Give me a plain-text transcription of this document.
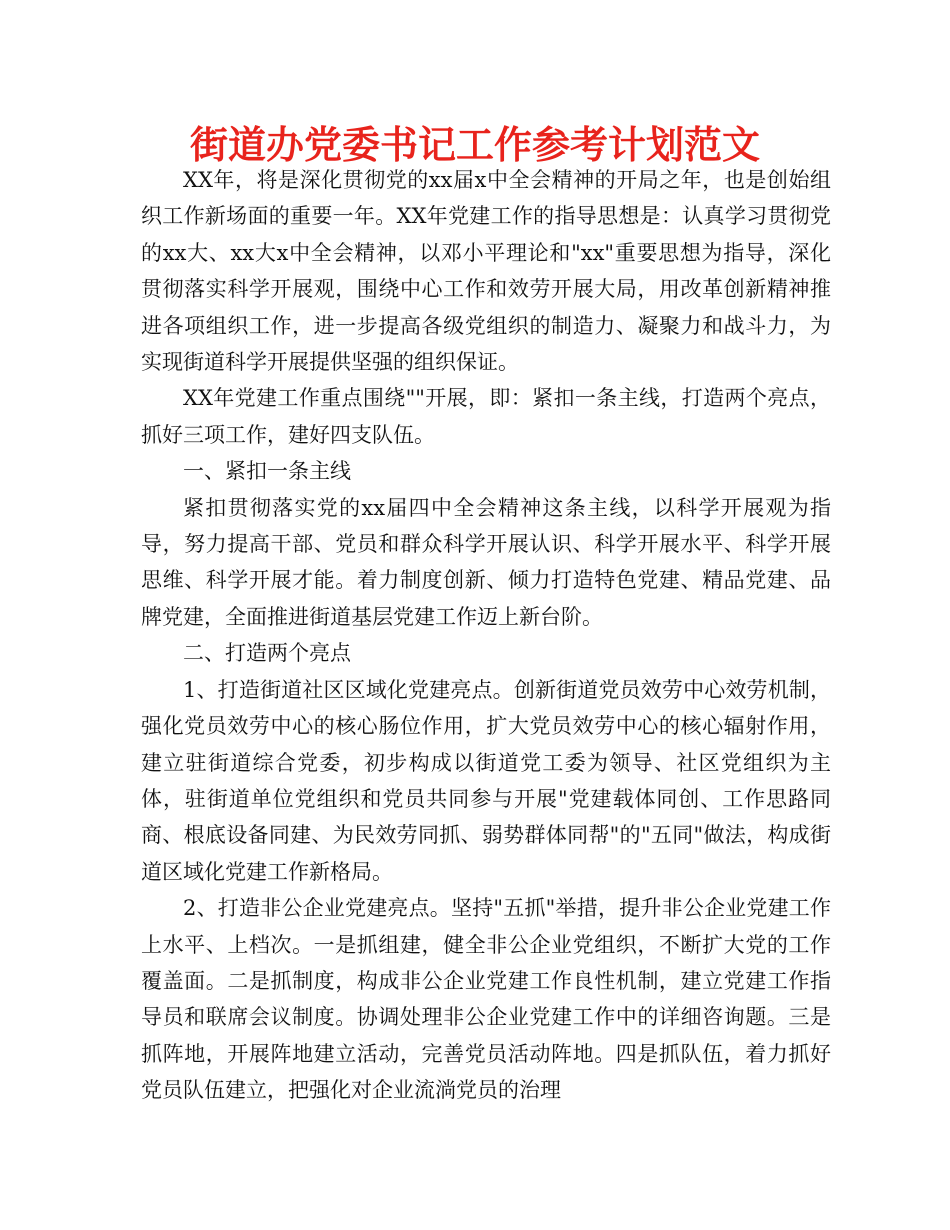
街道办党委书记工作参考计划范文

XX年，将是深化贯彻党的xx届x中全会精神的开局之年，也是创始组织工作新场面的重要一年。XX年党建工作的指导思想是：认真学习贯彻党的xx大、xx大x中全会精神，以邓小平理论和"xx"重要思想为指导，深化贯彻落实科学开展观，围绕中心工作和效劳开展大局，用改革创新精神推进各项组织工作，进一步提高各级党组织的制造力、凝聚力和战斗力，为实现街道科学开展提供坚强的组织保证。

XX年党建工作重点围绕""开展，即：紧扣一条主线，打造两个亮点，抓好三项工作，建好四支队伍。

一、紧扣一条主线

紧扣贯彻落实党的xx届四中全会精神这条主线，以科学开展观为指导，努力提高干部、党员和群众科学开展认识、科学开展水平、科学开展思维、科学开展才能。着力制度创新、倾力打造特色党建、精品党建、品牌党建，全面推进街道基层党建工作迈上新台阶。

二、打造两个亮点

1、打造街道社区区域化党建亮点。创新街道党员效劳中心效劳机制，强化党员效劳中心的核心肠位作用，扩大党员效劳中心的核心辐射作用，建立驻街道综合党委，初步构成以街道党工委为领导、社区党组织为主体，驻街道单位党组织和党员共同参与开展"党建载体同创、工作思路同商、根底设备同建、为民效劳同抓、弱势群体同帮"的"五同"做法，构成街道区域化党建工作新格局。

2、打造非公企业党建亮点。坚持"五抓"举措，提升非公企业党建工作上水平、上档次。一是抓组建，健全非公企业党组织，不断扩大党的工作覆盖面。二是抓制度，构成非公企业党建工作良性机制，建立党建工作指导员和联席会议制度。协调处理非公企业党建工作中的详细咨询题。三是抓阵地，开展阵地建立活动，完善党员活动阵地。四是抓队伍，着力抓好党员队伍建立，把强化对企业流淌党员的治理
